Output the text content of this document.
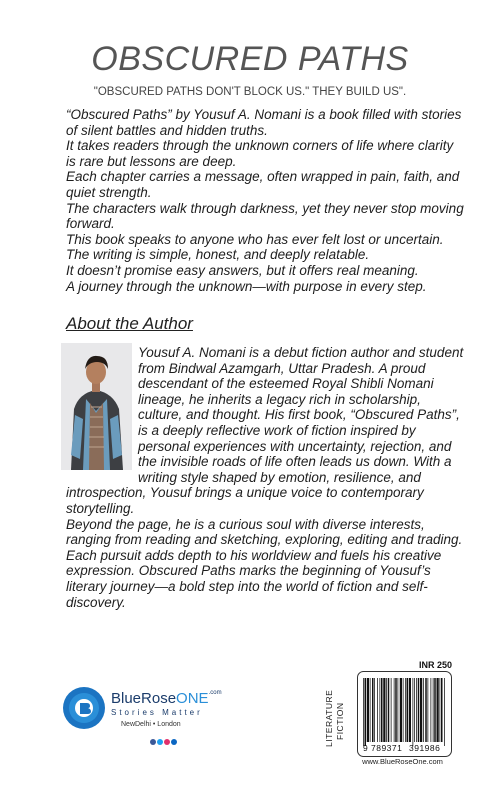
OBSCURED PATHS
"OBSCURED PATHS DON'T BLOCK US." THEY BUILD US".

“Obscured Paths” by Yousuf A. Nomani is a book filled with stories of silent battles and hidden truths.

It takes readers through the unknown corners of life where clarity is rare but lessons are deep.

Each chapter carries a message, often wrapped in pain, faith, and quiet strength.

The characters walk through darkness, yet they never stop moving forward.

This book speaks to anyone who has ever felt lost or uncertain.

The writing is simple, honest, and deeply relatable.

It doesn’t promise easy answers, but it offers real meaning.

A journey through the unknown—with purpose in every step.

About the Author

Yousuf A. Nomani is a debut fiction author and student from Bindwal Azamgarh, Uttar Pradesh. A proud descendant of the esteemed Royal Shibli Nomani lineage, he inherits a legacy rich in scholarship, culture, and thought. His first book, “Obscured Paths”, is a deeply reflective work of fiction inspired by personal experiences with uncertainty, rejection, and the invisible roads of life often leads us down. With a writing style shaped by emotion, resilience, and introspection, Yousuf brings a unique voice to contemporary storytelling.

Beyond the page, he is a curious soul with diverse interests, ranging from reading and sketching, exploring, editing and trading. Each pursuit adds depth to his worldview and fuels his creative expression. Obscured Paths marks the beginning of Yousuf’s literary journey—a bold step into the world of fiction and self-discovery.

BlueRoseONE$^{.com}$
Stories Matter
NewDelhi • London	LITERATURE & FICTION
INR 250
9 789371 391986
www.BlueRoseOne.com
